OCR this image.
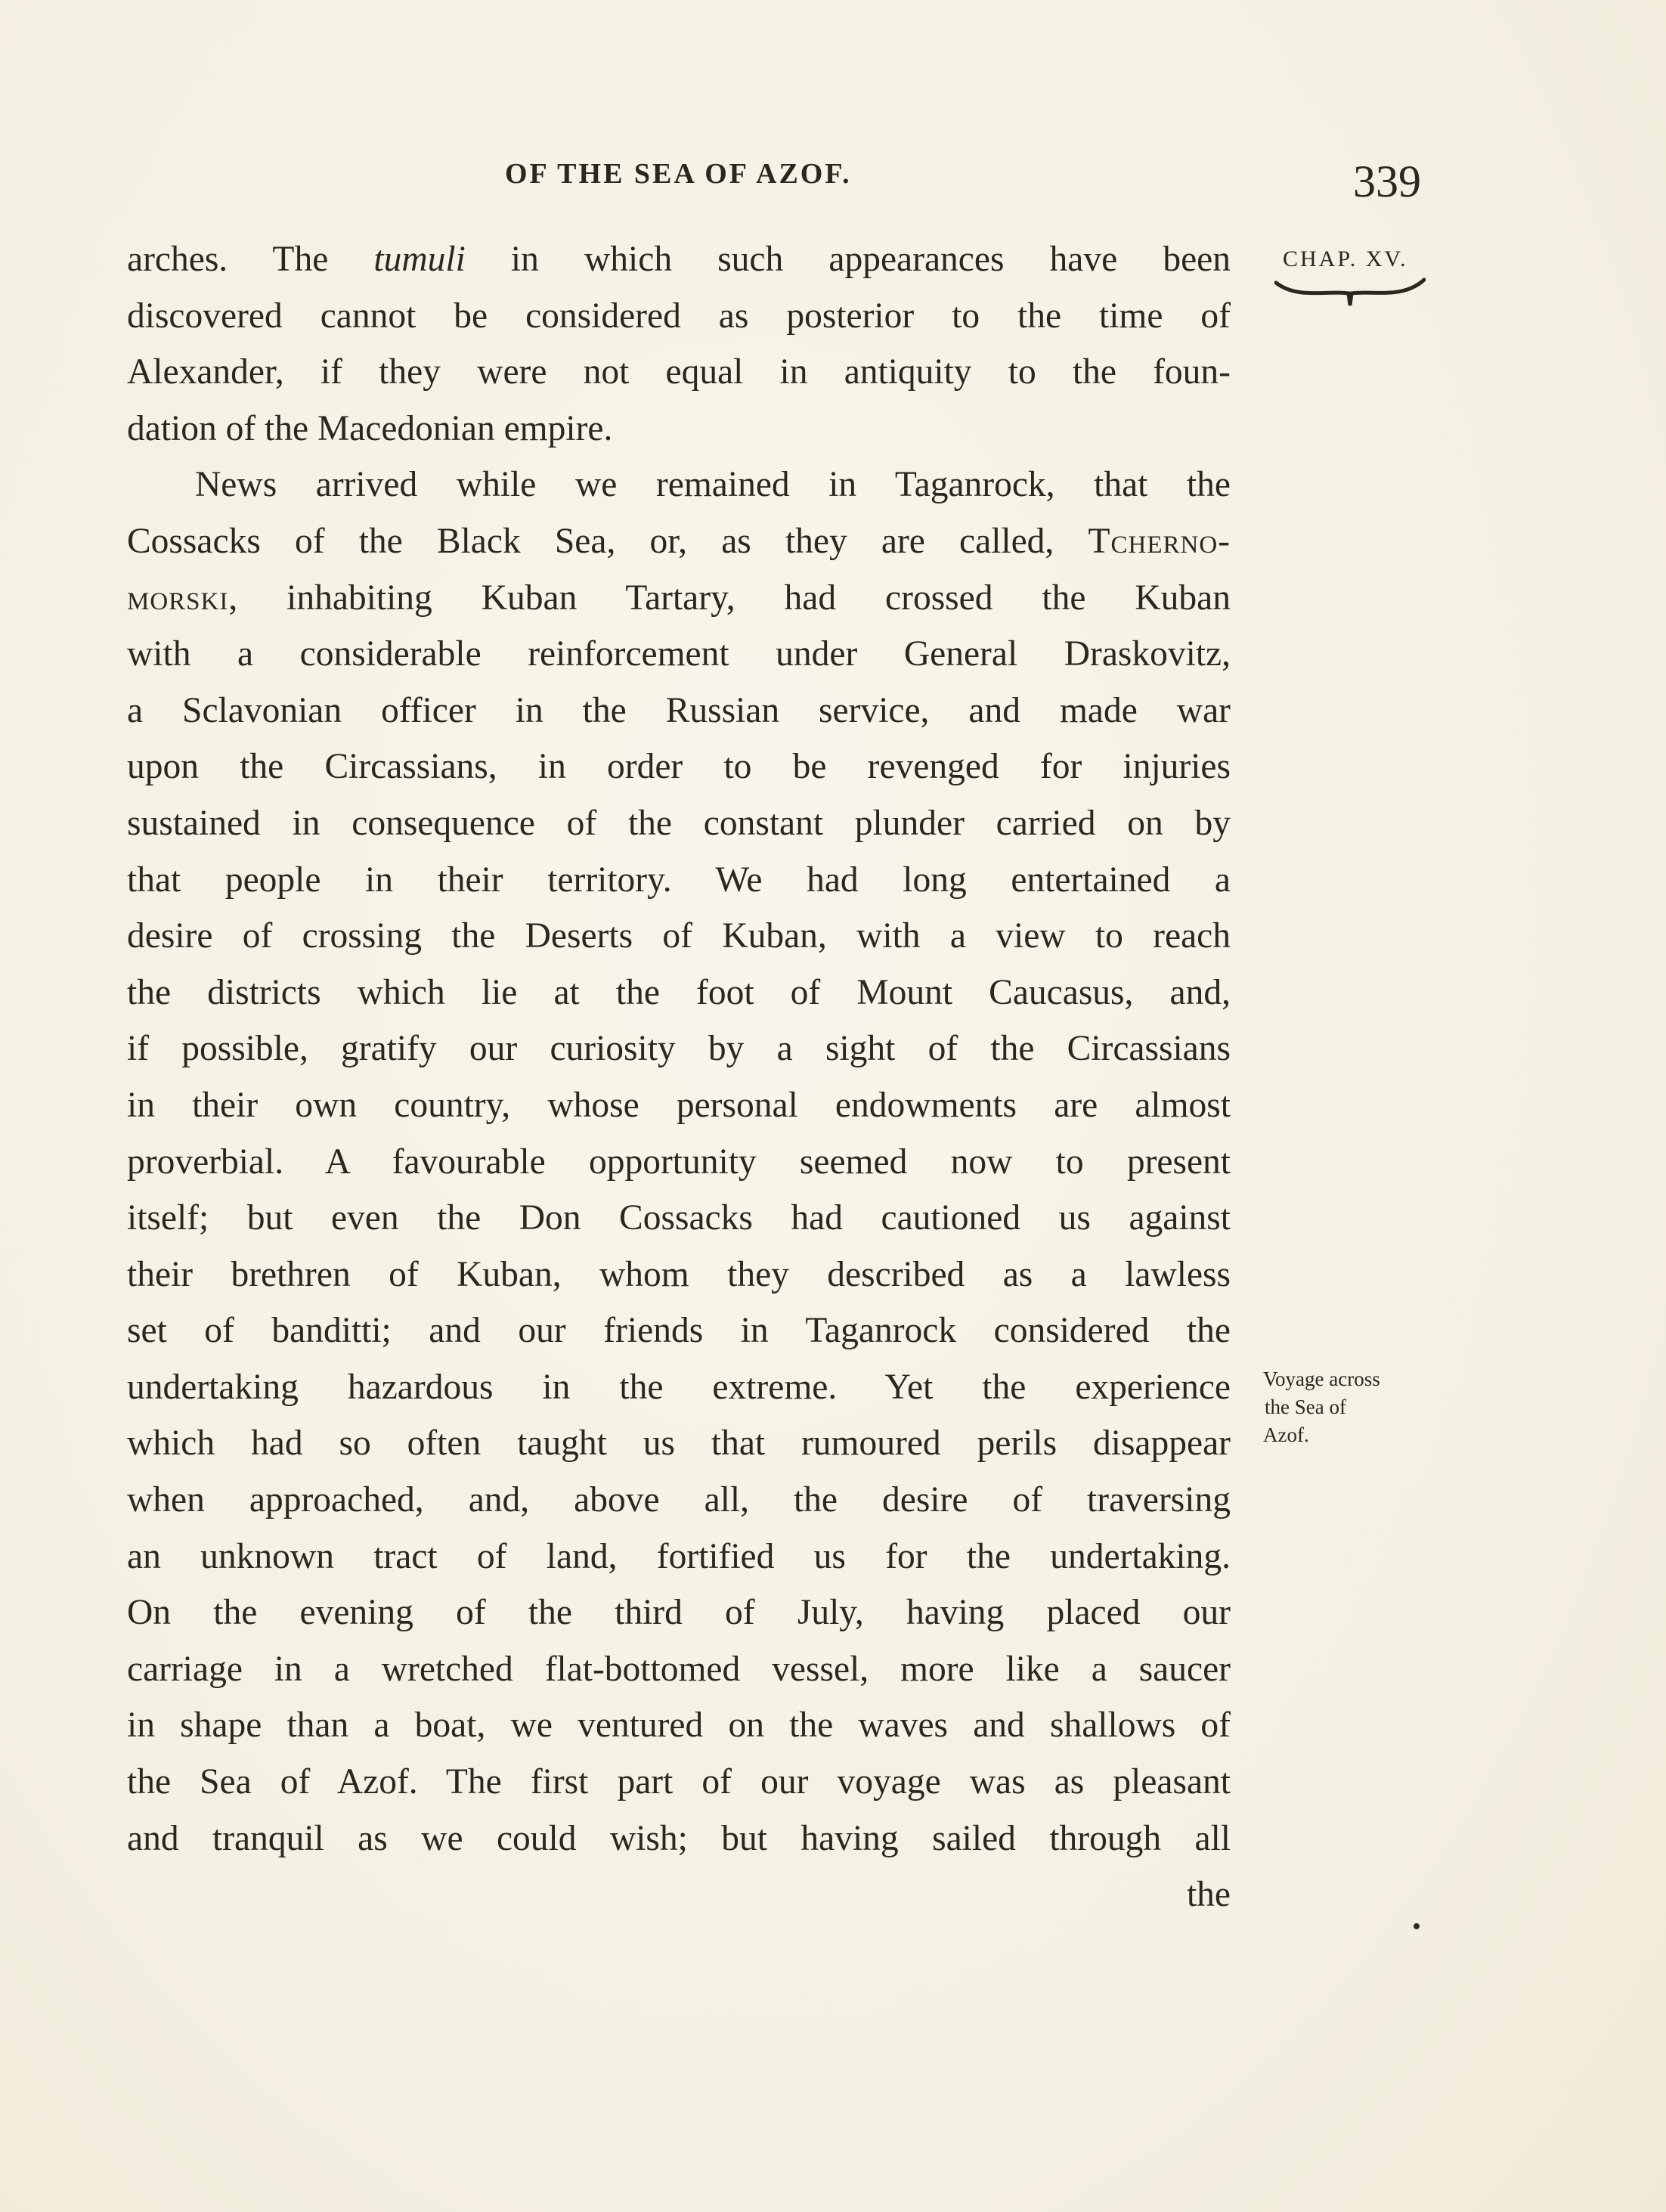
OF THE SEA OF AZOF.	339
CHAP. XV.
Voyage across
the Sea of
Azof.
arches. The tumuli in which such appearances have been
discovered cannot be considered as posterior to the time of
Alexander, if they were not equal in antiquity to the foun-
dation of the Macedonian empire.
News arrived while we remained in Taganrock, that the
Cossacks of the Black Sea, or, as they are called, Tcherno-
morski, inhabiting Kuban Tartary, had crossed the Kuban
with a considerable reinforcement under General Draskovitz,
a Sclavonian officer in the Russian service, and made war
upon the Circassians, in order to be revenged for injuries
sustained in consequence of the constant plunder carried on by
that people in their territory. We had long entertained a
desire of crossing the Deserts of Kuban, with a view to reach
the districts which lie at the foot of Mount Caucasus, and,
if possible, gratify our curiosity by a sight of the Circassians
in their own country, whose personal endowments are almost
proverbial. A favourable opportunity seemed now to present
itself; but even the Don Cossacks had cautioned us against
their brethren of Kuban, whom they described as a lawless
set of banditti; and our friends in Taganrock considered the
undertaking hazardous in the extreme. Yet the experience
which had so often taught us that rumoured perils disappear
when approached, and, above all, the desire of traversing
an unknown tract of land, fortified us for the undertaking.
On the evening of the third of July, having placed our
carriage in a wretched flat-bottomed vessel, more like a saucer
in shape than a boat, we ventured on the waves and shallows of
the Sea of Azof. The first part of our voyage was as pleasant
and tranquil as we could wish; but having sailed through all
the
